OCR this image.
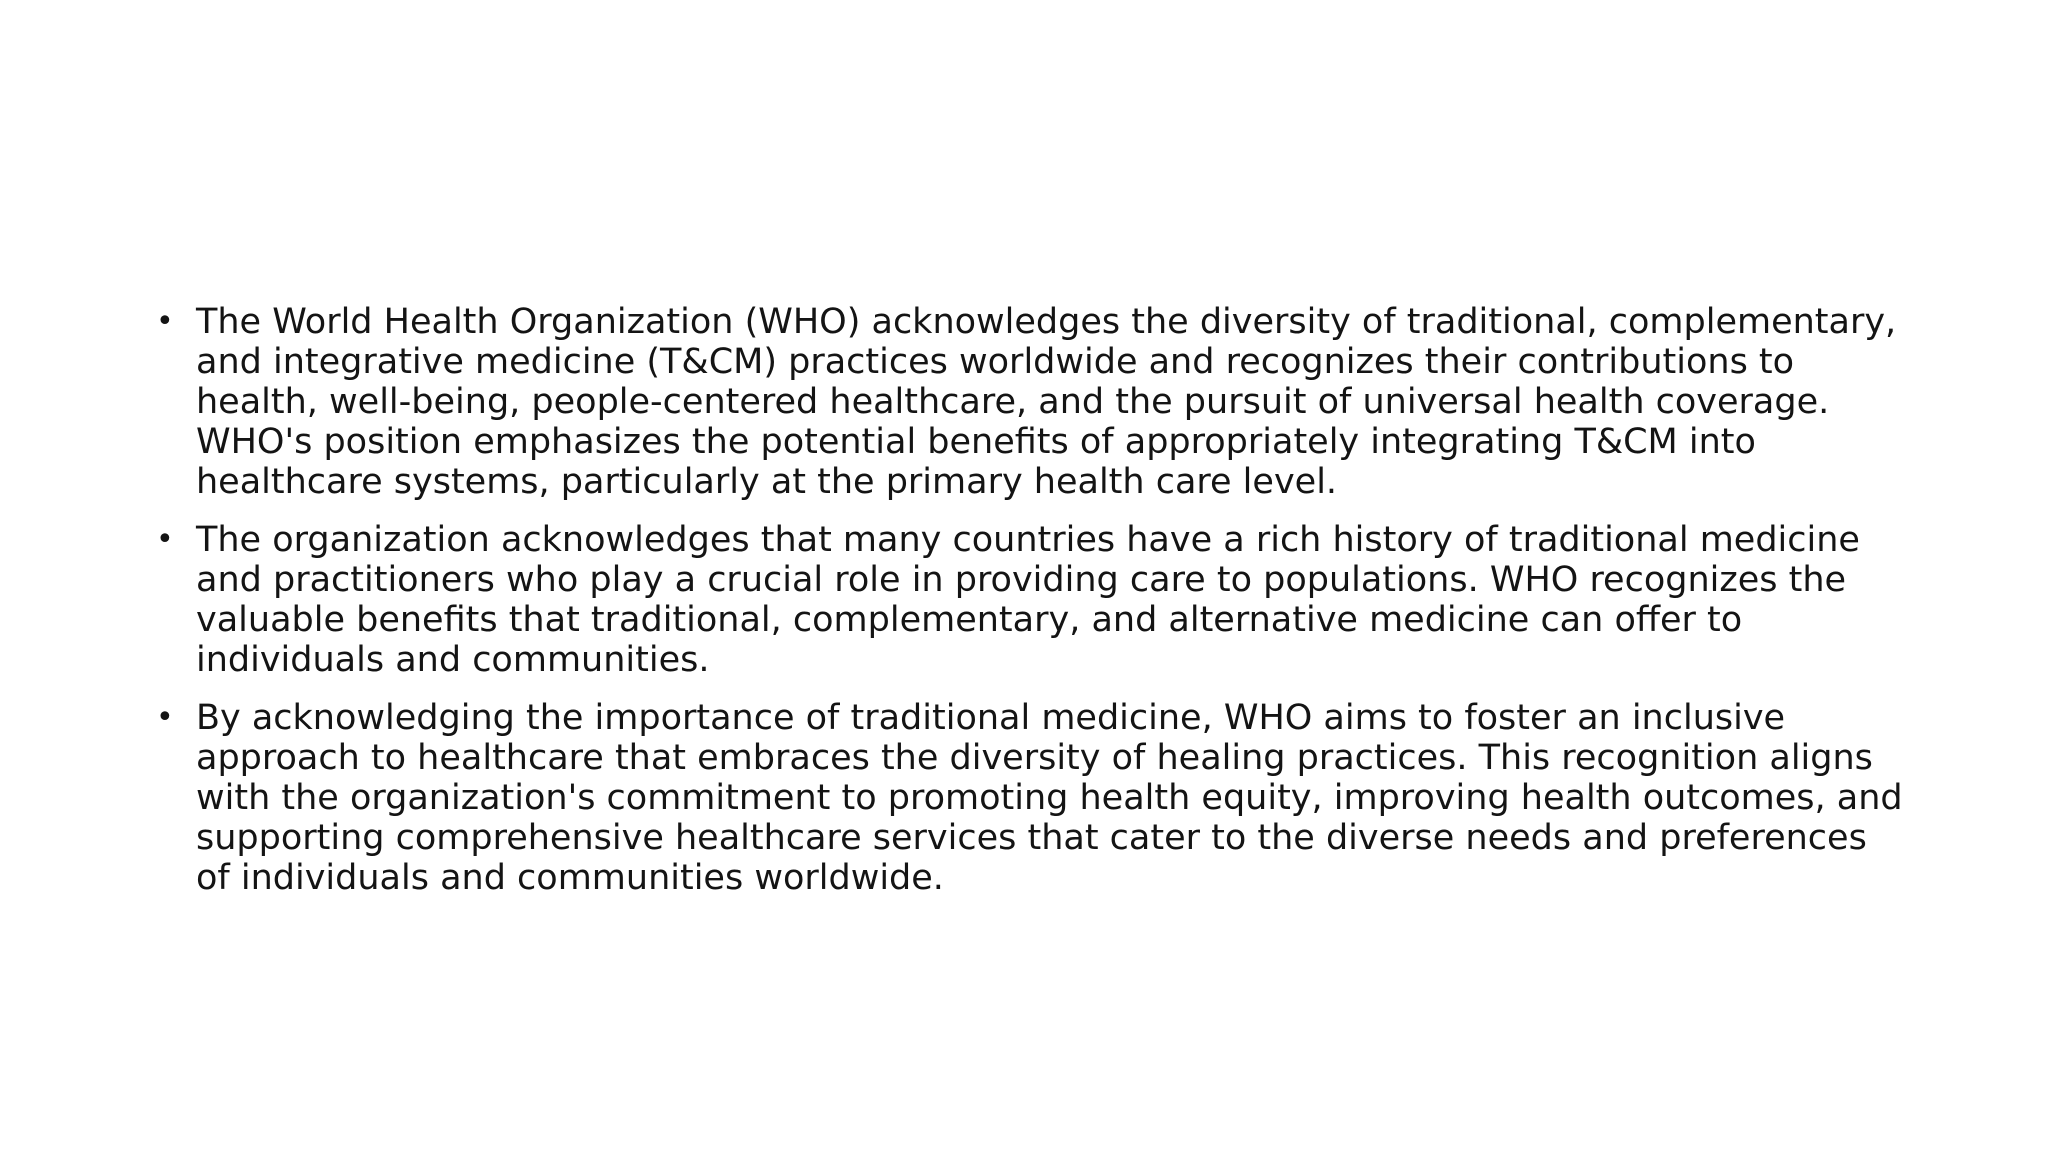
• The World Health Organization (WHO) acknowledges the diversity of traditional, complementary, and integrative medicine (T&CM) practices worldwide and recognizes their contributions to health, well-being, people-centered healthcare, and the pursuit of universal health coverage. WHO's position emphasizes the potential benefits of appropriately integrating T&CM into healthcare systems, particularly at the primary health care level.
• The organization acknowledges that many countries have a rich history of traditional medicine and practitioners who play a crucial role in providing care to populations. WHO recognizes the valuable benefits that traditional, complementary, and alternative medicine can offer to individuals and communities.
• By acknowledging the importance of traditional medicine, WHO aims to foster an inclusive approach to healthcare that embraces the diversity of healing practices. This recognition aligns with the organization's commitment to promoting health equity, improving health outcomes, and supporting comprehensive healthcare services that cater to the diverse needs and preferences of individuals and communities worldwide.
